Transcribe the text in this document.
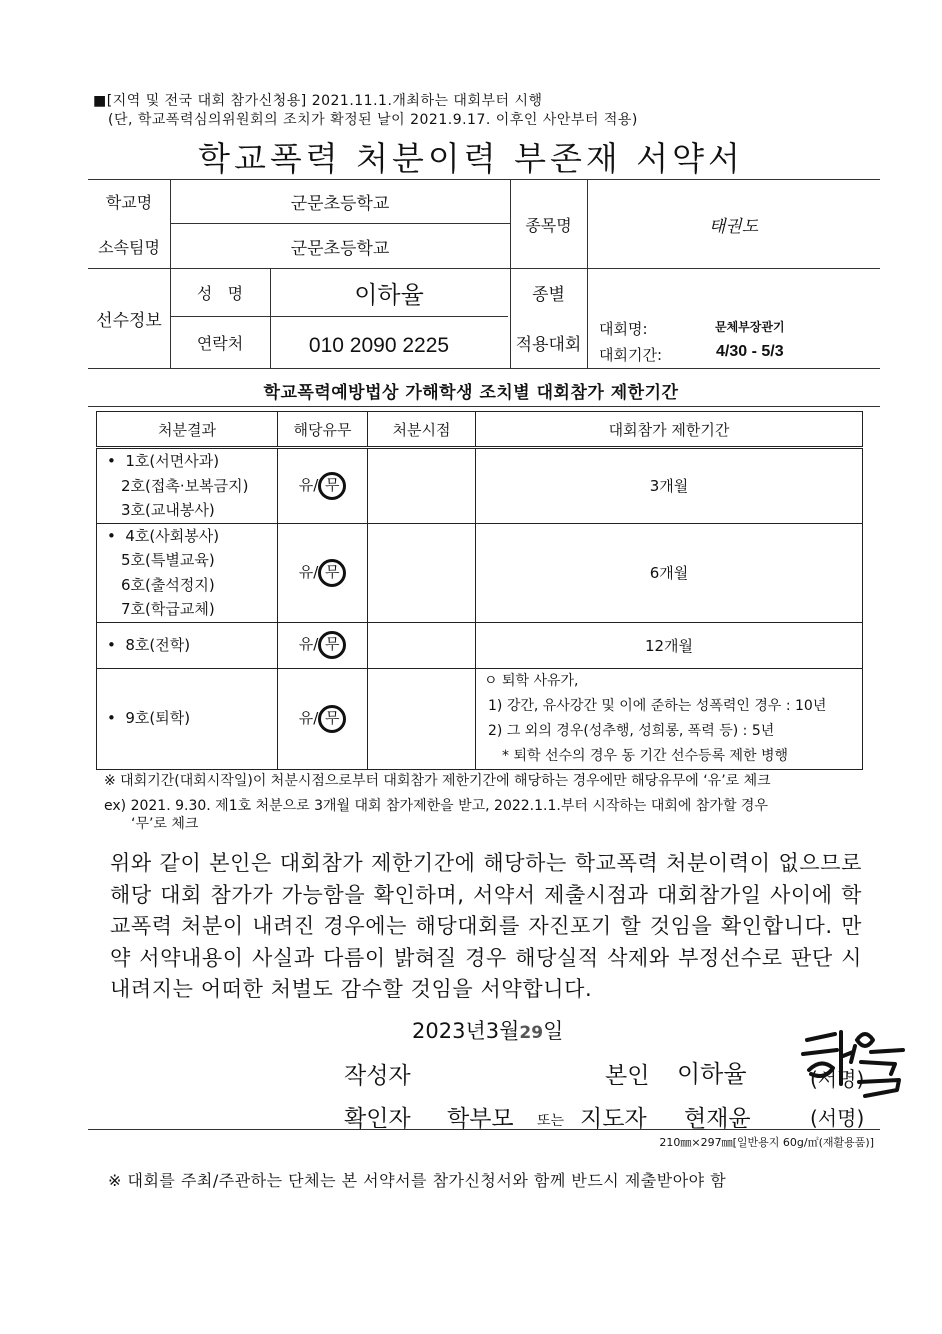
■[지역 및 전국 대회 참가신청용] 2021.11.1.개최하는 대회부터 시행
(단, 학교폭력심의위원회의 조치가 확정된 날이 2021.9.17. 이후인 사안부터 적용)
학교폭력 처분이력 부존재 서약서
학교명	군문초등학교
소속팀명	군문초등학교
종목명	태권도
선수정보
성   명	이하율
연락처	010 2090 2225
종별
적용대회
대회명:	문체부장관기
대회기간:	4/30 - 5/3
학교폭력예방법상 가해학생 조치별 대회참가 제한기간
처분결과	해당유무	처분시점	대회참가 제한기간

•  1호(서면사과)
2호(접촉·보복금지)
3호(교내봉사)	유/ 무		3개월

•  4호(사회봉사)
5호(특별교육)
6호(출석정지)
7호(학급교체)	유/ 무		6개월

•  8호(전학)	유/ 무		12개월

•  9호(퇴학)	유/ 무		ㅇ 퇴학 사유가,
1) 강간, 유사강간 및 이에 준하는 성폭력인 경우 : 10년
2) 그 외의 경우(성추행, 성희롱, 폭력 등) : 5년
* 퇴학 선수의 경우 동 기간 선수등록 제한 병행
※ 대회기간(대회시작일)이 처분시점으로부터 대회참가 제한기간에 해당하는 경우에만 해당유무에 ‘유’로 체크
ex) 2021. 9.30. 제1호 처분으로 3개월 대회 참가제한을 받고, 2022.1.1.부터 시작하는 대회에 참가할 경우
‘무’로 체크
위와 같이 본인은 대회참가 제한기간에 해당하는 학교폭력 처분이력이 없으므로 해당 대회 참가가 가능함을 확인하며, 서약서 제출시점과 대회참가일 사이에 학교폭력 처분이 내려진 경우에는 해당대회를 자진포기 할 것임을 확인합니다. 만약 서약내용이 사실과 다름이 밝혀질 경우 해당실적 삭제와 부정선수로 판단 시 내려지는 어떠한 처벌도 감수할 것임을 서약합니다.
2023년3월29일
작성자	본인 이하율	(서명)
확인자 학부모 또는 지도자 현재윤	(서명)
210㎜×297㎜[일반용지 60g/㎡(재활용품)]
※ 대회를 주최/주관하는 단체는 본 서약서를 참가신청서와 함께 반드시 제출받아야 함
